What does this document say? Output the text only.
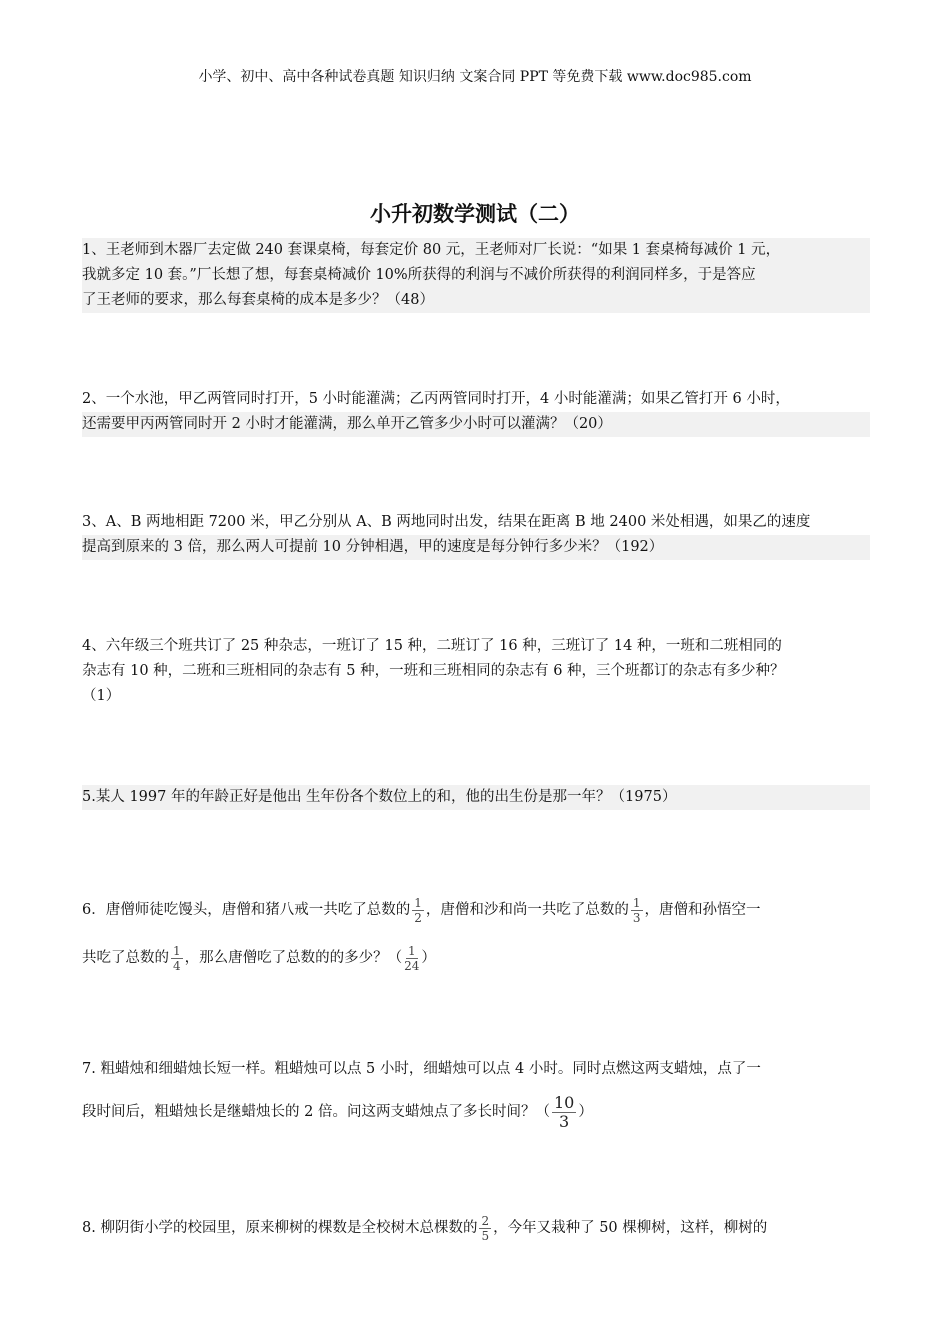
小学、初中、高中各种试卷真题 知识归纳 文案合同 PPT 等免费下载 www.doc985.com
小升初数学测试（二）
1、王老师到木器厂去定做 240 套课桌椅，每套定价 80 元，王老师对厂长说：“如果 1 套桌椅每减价 1 元，
我就多定 10 套。”厂长想了想，每套桌椅减价 10%所获得的利润与不减价所获得的利润同样多，于是答应
了王老师的要求，那么每套桌椅的成本是多少？（48）
2、一个水池，甲乙两管同时打开，5 小时能灌满；乙丙两管同时打开，4 小时能灌满；如果乙管打开 6 小时，
还需要甲丙两管同时开 2 小时才能灌满，那么单开乙管多少小时可以灌满？（20）
3、A、B 两地相距 7200 米，甲乙分别从 A、B 两地同时出发，结果在距离 B 地 2400 米处相遇，如果乙的速度
提高到原来的 3 倍，那么两人可提前 10 分钟相遇，甲的速度是每分钟行多少米？（192）
4、六年级三个班共订了 25 种杂志，一班订了 15 种，二班订了 16 种，三班订了 14 种，一班和二班相同的
杂志有 10 种，二班和三班相同的杂志有 5 种，一班和三班相同的杂志有 6 种，三个班都订的杂志有多少种？
（1）
5.某人 1997 年的年龄正好是他出 生年份各个数位上的和，他的出生份是那一年？（1975）
6．唐僧师徒吃馒头，唐僧和猪八戒一共吃了总数的 $\frac{1}{2}$ ，唐僧和沙和尚一共吃了总数的 $\frac{1}{3}$ ，唐僧和孙悟空一
共吃了总数的 $\frac{1}{4}$ ，那么唐僧吃了总数的的多少？（ $\frac{1}{24}$ ）
7. 粗蜡烛和细蜡烛长短一样。粗蜡烛可以点 5 小时，细蜡烛可以点 4 小时。同时点燃这两支蜡烛，点了一
段时间后，粗蜡烛长是继蜡烛长的 2 倍。问这两支蜡烛点了多长时间？（ $\frac{10}{3}$ ）
8. 柳阴街小学的校园里，原来柳树的棵数是全校树木总棵数的 $\frac{2}{5}$ ，今年又栽种了 50 棵柳树，这样，柳树的
